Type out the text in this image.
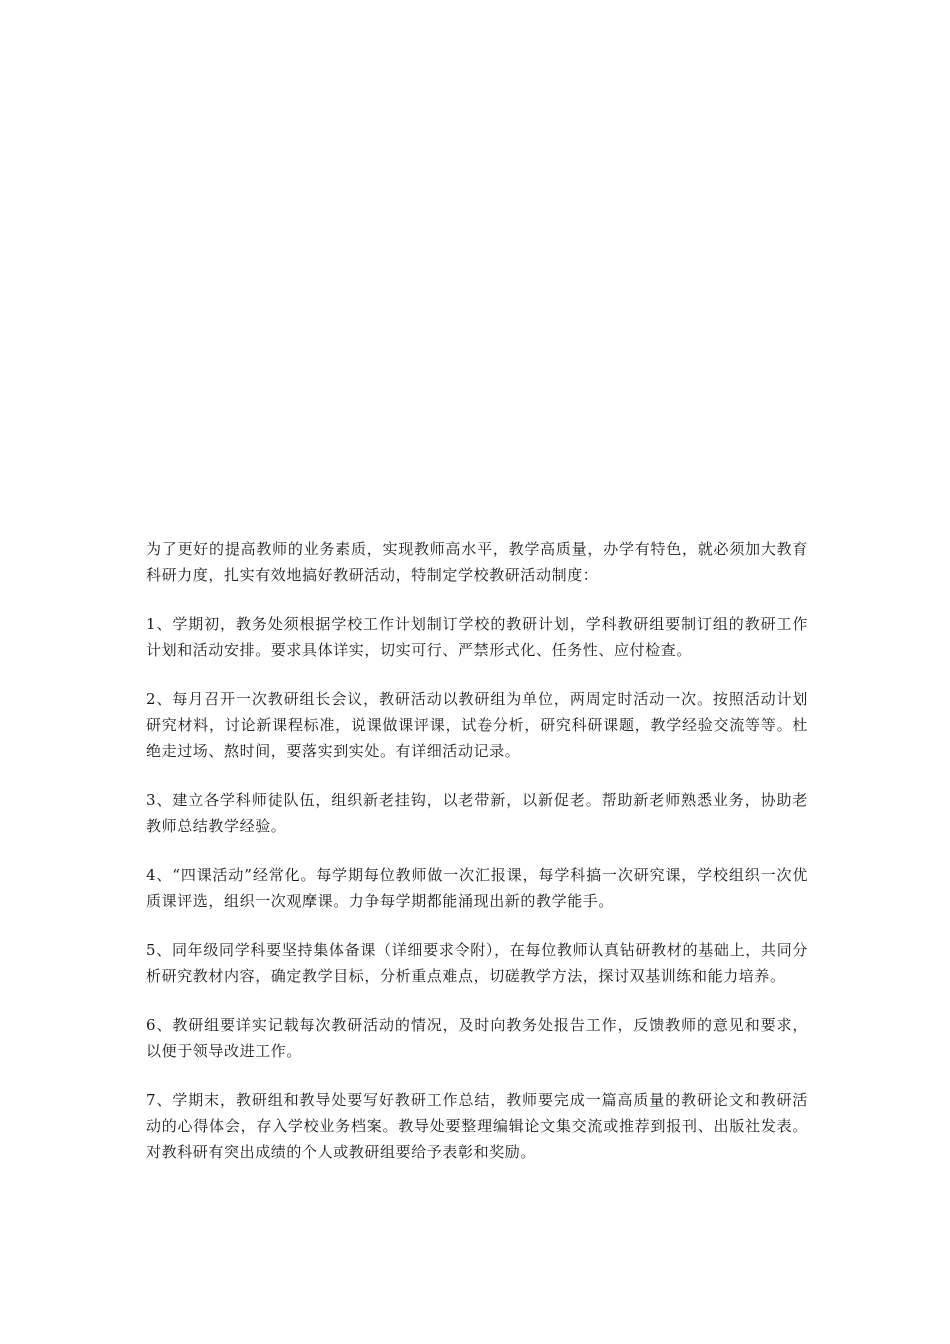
为了更好的提高教师的业务素质，实现教师高水平，教学高质量，办学有特色，就必须加大教育科研力度，扎实有效地搞好教研活动，特制定学校教研活动制度：

1、学期初，教务处须根据学校工作计划制订学校的教研计划，学科教研组要制订组的教研工作计划和活动安排。要求具体详实，切实可行、严禁形式化、任务性、应付检查。

2、每月召开一次教研组长会议，教研活动以教研组为单位，两周定时活动一次。按照活动计划研究材料，讨论新课程标准，说课做课评课，试卷分析，研究科研课题，教学经验交流等等。杜绝走过场、熬时间，要落实到实处。有详细活动记录。

3、建立各学科师徒队伍，组织新老挂钩，以老带新，以新促老。帮助新老师熟悉业务，协助老教师总结教学经验。

4、“四课活动”经常化。每学期每位教师做一次汇报课，每学科搞一次研究课，学校组织一次优质课评选，组织一次观摩课。力争每学期都能涌现出新的教学能手。

5、同年级同学科要坚持集体备课（详细要求令附），在每位教师认真钻研教材的基础上，共同分析研究教材内容，确定教学目标，分析重点难点，切磋教学方法，探讨双基训练和能力培养。

6、教研组要详实记载每次教研活动的情况，及时向教务处报告工作，反馈教师的意见和要求，以便于领导改进工作。

7、学期末，教研组和教导处要写好教研工作总结，教师要完成一篇高质量的教研论文和教研活动的心得体会，存入学校业务档案。教导处要整理编辑论文集交流或推荐到报刊、出版社发表。对教科研有突出成绩的个人或教研组要给予表彰和奖励。
